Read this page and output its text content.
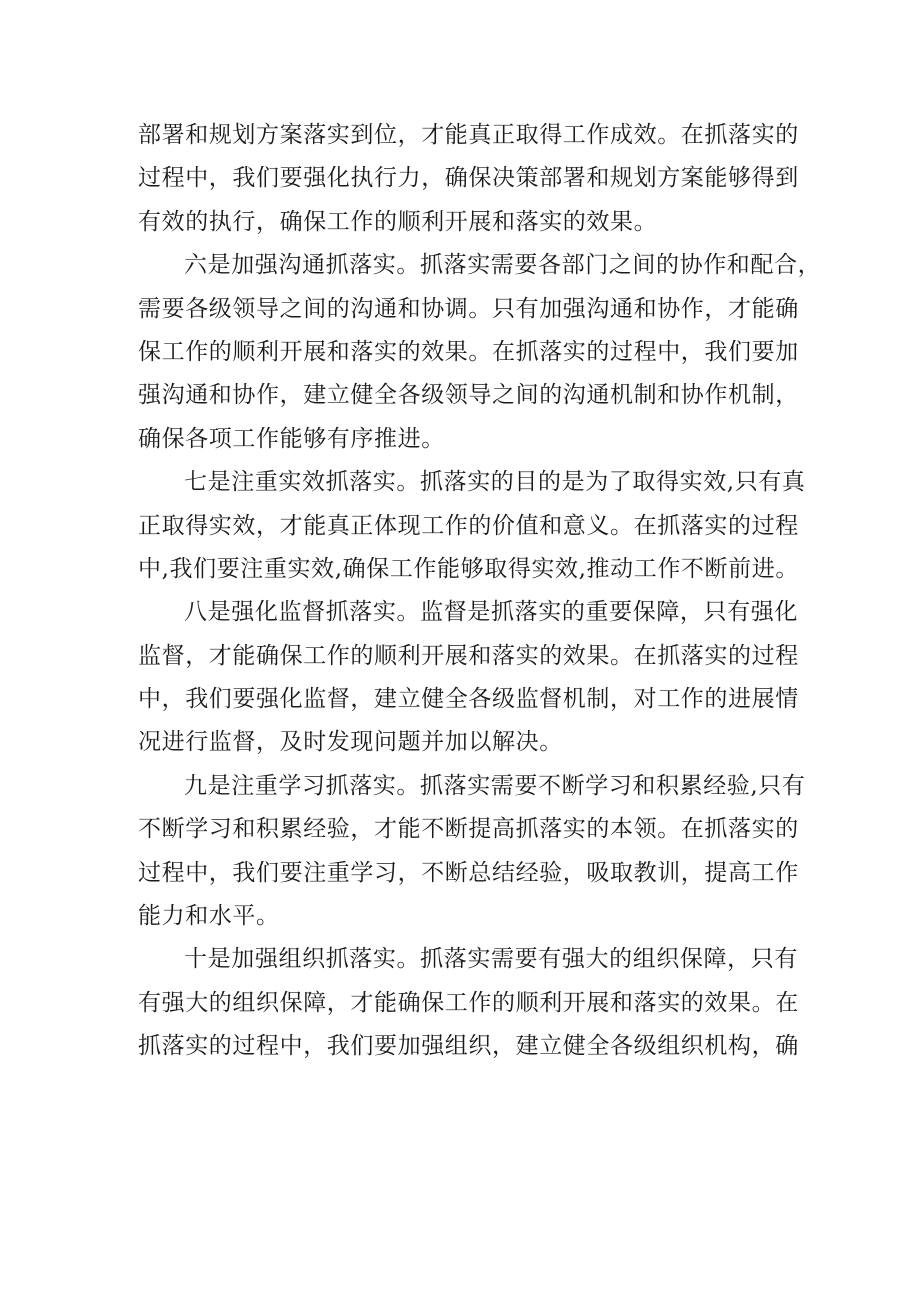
部署和规划方案落实到位，才能真正取得工作成效。在抓落实的
过程中，我们要强化执行力，确保决策部署和规划方案能够得到
有效的执行，确保工作的顺利开展和落实的效果。
六是加强沟通抓落实。抓落实需要各部门之间的协作和配合，
需要各级领导之间的沟通和协调。只有加强沟通和协作，才能确
保工作的顺利开展和落实的效果。在抓落实的过程中，我们要加
强沟通和协作，建立健全各级领导之间的沟通机制和协作机制，
确保各项工作能够有序推进。
七是注重实效抓落实。抓落实的目的是为了取得实效,只有真
正取得实效，才能真正体现工作的价值和意义。在抓落实的过程
中,我们要注重实效,确保工作能够取得实效,推动工作不断前进。
八是强化监督抓落实。监督是抓落实的重要保障，只有强化
监督，才能确保工作的顺利开展和落实的效果。在抓落实的过程
中，我们要强化监督，建立健全各级监督机制，对工作的进展情
况进行监督，及时发现问题并加以解决。
九是注重学习抓落实。抓落实需要不断学习和积累经验,只有
不断学习和积累经验，才能不断提高抓落实的本领。在抓落实的
过程中，我们要注重学习，不断总结经验，吸取教训，提高工作
能力和水平。
十是加强组织抓落实。抓落实需要有强大的组织保障，只有
有强大的组织保障，才能确保工作的顺利开展和落实的效果。在
抓落实的过程中，我们要加强组织，建立健全各级组织机构，确
